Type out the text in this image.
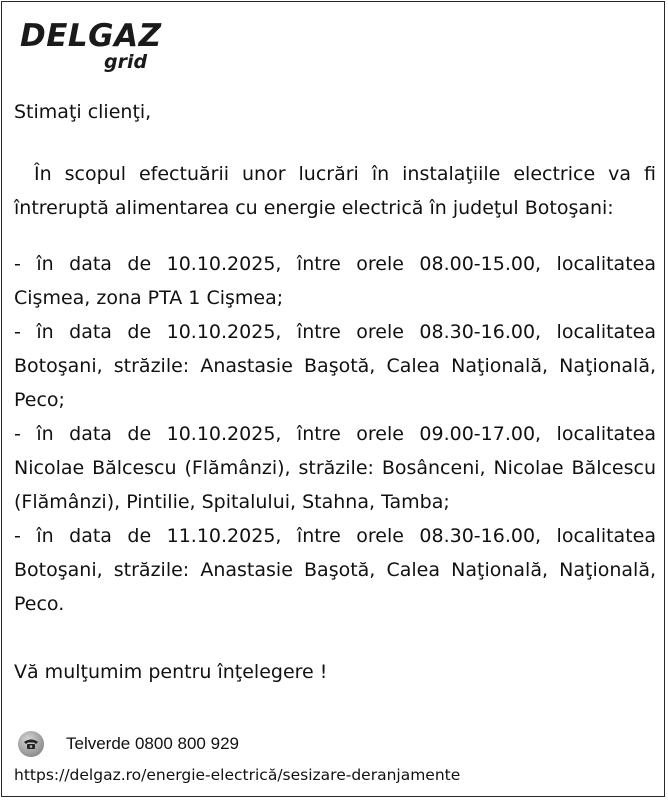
DELGAZ
grid

Stimaţi clienţi,

În scopul efectuării unor lucrări în instalaţiile electrice va fi întreruptă alimentarea cu energie electrică în judeţul Botoşani:

- în data de 10.10.2025, între orele 08.00-15.00, localitatea Cişmea, zona PTA 1 Cişmea;

- în data de 10.10.2025, între orele 08.30-16.00, localitatea Botoşani, străzile: Anastasie Başotă, Calea Naţională, Naţională, Peco;

- în data de 10.10.2025, între orele 09.00-17.00, localitatea Nicolae Bălcescu (Flămânzi), străzile: Bosânceni, Nicolae Bălcescu (Flămânzi), Pintilie, Spitalului, Stahna, Tamba;

- în data de 11.10.2025, între orele 08.30-16.00, localitatea Botoşani, străzile: Anastasie Başotă, Calea Naţională, Naţională, Peco.

Vă mulţumim pentru înţelegere !

Telverde 0800 800 929
https://delgaz.ro/energie-electrică/sesizare-deranjamente
